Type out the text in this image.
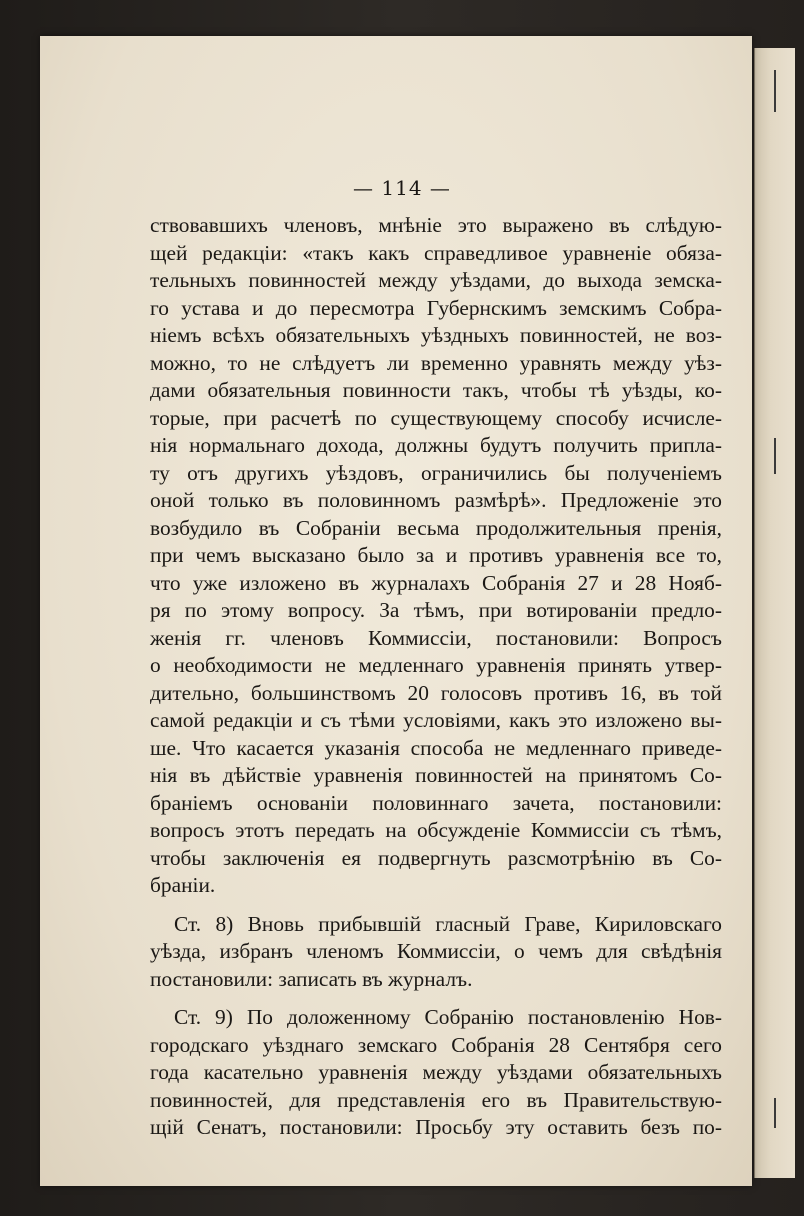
— 114 —
ствовавшихъ членовъ, мнѣніе это выражено въ слѣдую-
щей редакціи: «такъ какъ справедливое уравненіе обяза-
тельныхъ повинностей между уѣздами, до выхода земска-
го устава и до пересмотра Губернскимъ земскимъ Собра-
ніемъ всѣхъ обязательныхъ уѣздныхъ повинностей, не воз-
можно, то не слѣдуетъ ли временно уравнять между уѣз-
дами обязательныя повинности такъ, чтобы тѣ уѣзды, ко-
торые, при расчетѣ по существующему способу исчисле-
нія нормальнаго дохода, должны будутъ получить припла-
ту отъ другихъ уѣздовъ, ограничились бы полученіемъ
оной только въ половинномъ размѣрѣ». Предложеніе это
возбудило въ Собраніи весьма продолжительныя пренія,
при чемъ высказано было за и противъ уравненія все то,
что уже изложено въ журналахъ Собранія 27 и 28 Нояб-
ря по этому вопросу. За тѣмъ, при вотированіи предло-
женія гг. членовъ Коммиссіи, постановили: Вопросъ
о необходимости не медленнаго уравненія принять утвер-
дительно, большинствомъ 20 голосовъ противъ 16, въ той
самой редакціи и съ тѣми условіями, какъ это изложено вы-
ше. Что касается указанія способа не медленнаго приведе-
нія въ дѣйствіе уравненія повинностей на принятомъ Со-
браніемъ основаніи половиннаго зачета, постановили:
вопросъ этотъ передать на обсужденіе Коммиссіи съ тѣмъ,
чтобы заключенія ея подвергнуть разсмотрѣнію въ Со-
браніи.
Ст. 8) Вновь прибывшій гласный Граве, Кириловскаго
уѣзда, избранъ членомъ Коммиссіи, о чемъ для свѣдѣнія
постановили: записать въ журналъ.
Ст. 9) По доложенному Собранію постановленію Нов-
городскаго уѣзднаго земскаго Собранія 28 Сентября сего
года касательно уравненія между уѣздами обязательныхъ
повинностей, для представленія его въ Правительствую-
щій Сенатъ, постановили: Просьбу эту оставить безъ по-
